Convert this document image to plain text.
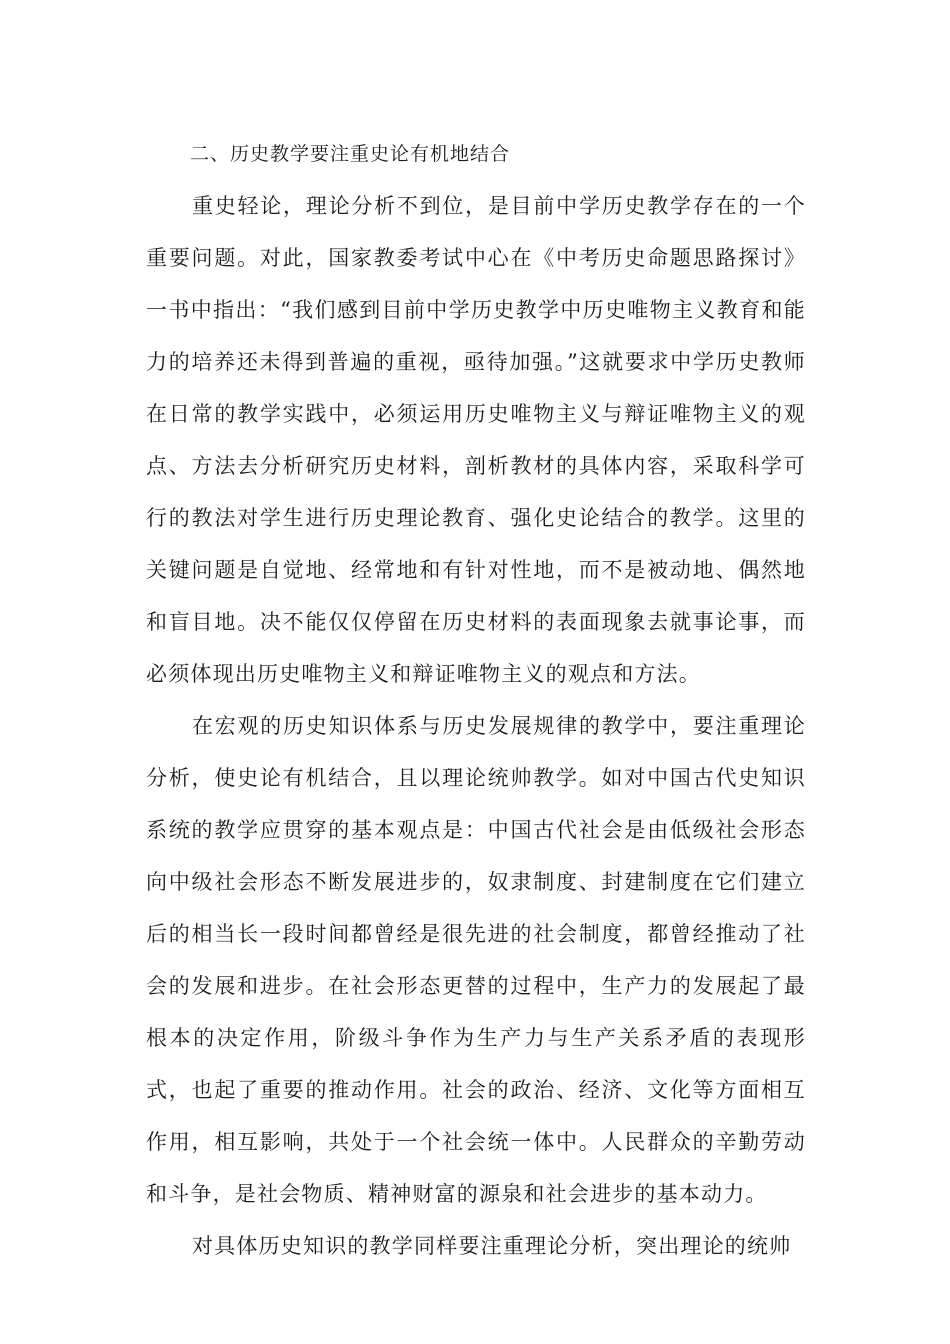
二、历史教学要注重史论有机地结合

重史轻论，理论分析不到位，是目前中学历史教学存在的一个重要问题。对此，国家教委考试中心在《中考历史命题思路探讨》一书中指出：“我们感到目前中学历史教学中历史唯物主义教育和能力的培养还未得到普遍的重视，亟待加强。”这就要求中学历史教师在日常的教学实践中，必须运用历史唯物主义与辩证唯物主义的观点、方法去分析研究历史材料，剖析教材的具体内容，采取科学可行的教法对学生进行历史理论教育、强化史论结合的教学。这里的关键问题是自觉地、经常地和有针对性地，而不是被动地、偶然地和盲目地。决不能仅仅停留在历史材料的表面现象去就事论事，而必须体现出历史唯物主义和辩证唯物主义的观点和方法。

在宏观的历史知识体系与历史发展规律的教学中，要注重理论分析，使史论有机结合，且以理论统帅教学。如对中国古代史知识系统的教学应贯穿的基本观点是：中国古代社会是由低级社会形态向中级社会形态不断发展进步的，奴隶制度、封建制度在它们建立后的相当长一段时间都曾经是很先进的社会制度，都曾经推动了社会的发展和进步。在社会形态更替的过程中，生产力的发展起了最根本的决定作用，阶级斗争作为生产力与生产关系矛盾的表现形式，也起了重要的推动作用。社会的政治、经济、文化等方面相互作用，相互影响，共处于一个社会统一体中。人民群众的辛勤劳动和斗争，是社会物质、精神财富的源泉和社会进步的基本动力。

对具体历史知识的教学同样要注重理论分析，突出理论的统帅
